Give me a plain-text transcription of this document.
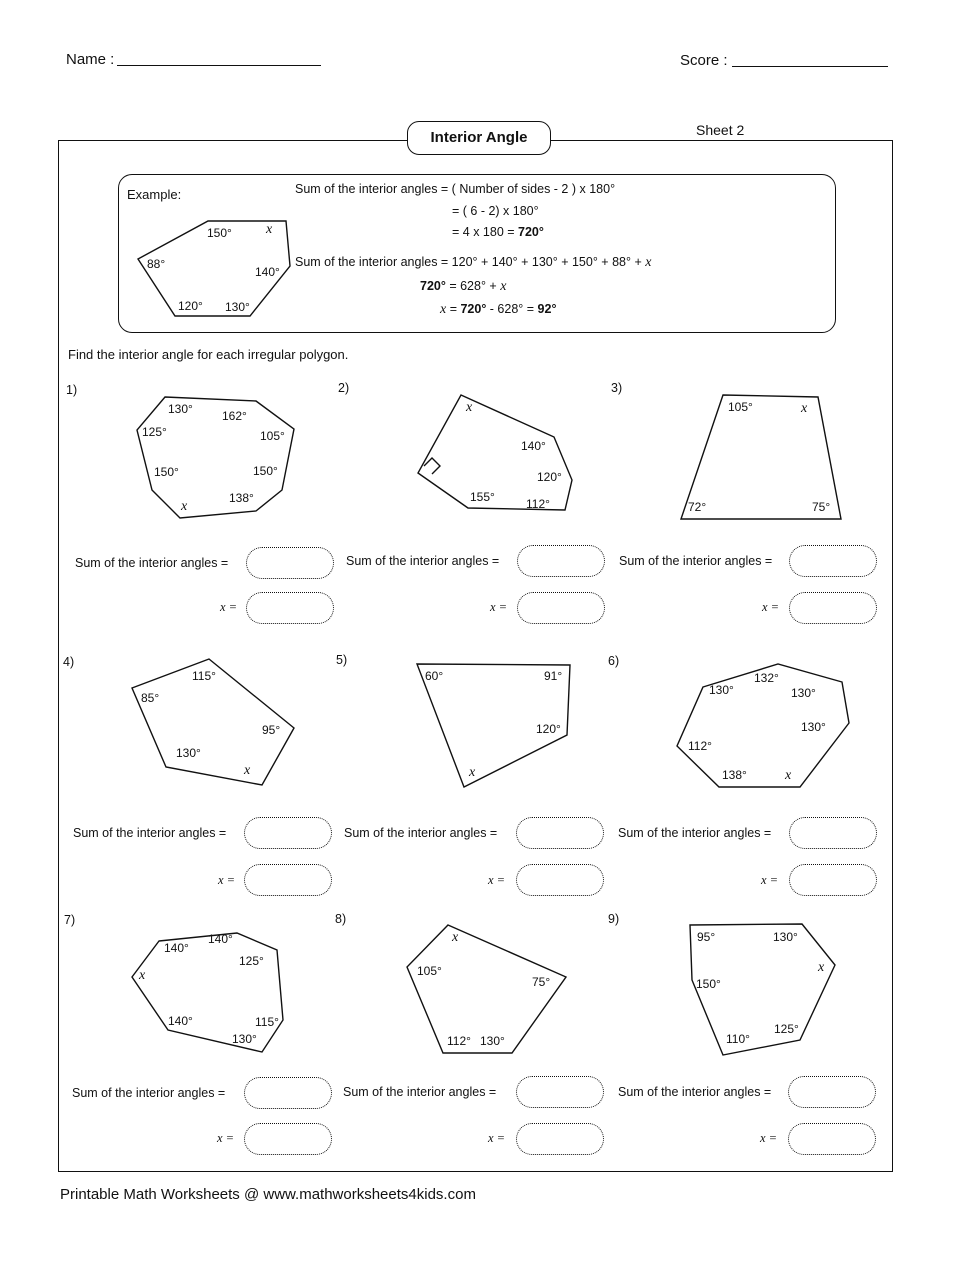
Name :	Score :
Interior Angle	Sheet 2
Example:	Sum of the interior angles = ( Number of sides - 2 ) x 180°
= ( 6 - 2) x 180°
= 4 x 180 = 720°
Sum of the interior angles = 120° + 140° + 130° + 150° + 88° + x
720° = 628° + x
x = 720° - 628° = 92°
150° x
88°
140°
120° 130°
Find the interior angle for each irregular polygon.
1)	2)	3)
4)	5)	6)
7)	8)	9)
130° 162°
125°	105°
150°	150°
138°
x
x
140°
120°
155°	112°
105°	x
72°	75°
115°
85°
95°
130°
x
60°	91°
120°
x
132°
130°	130°
130°
112°
138°	x
140°
140°
125°
x
140°	115°
130°
x
105°
75°
112° 130°
95°	130°
x
150°
125°
110°
Sum of the interior angles =
x =
Sum of the interior angles =
x =
Sum of the interior angles =
x =
Sum of the interior angles =
x =
Sum of the interior angles =
x =
Sum of the interior angles =
x =
Sum of the interior angles =
x =
Sum of the interior angles =
x =
Sum of the interior angles =
x =
Printable Math Worksheets @ www.mathworksheets4kids.com
